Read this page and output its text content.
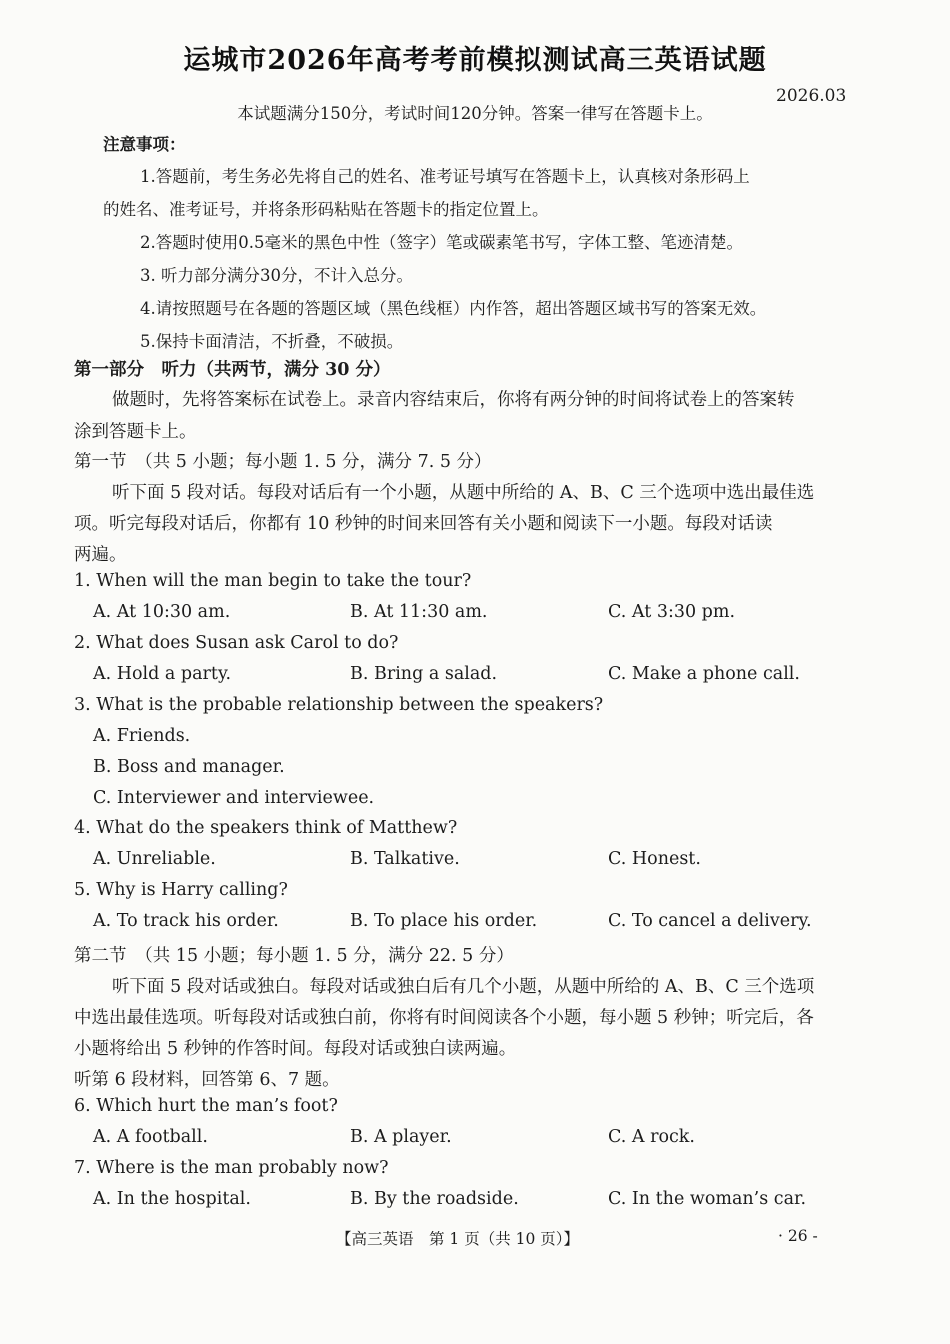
运城市2026年高考考前模拟测试高三英语试题
2026.03
本试题满分150分，考试时间120分钟。答案一律写在答题卡上。
注意事项：
1.答题前，考生务必先将自己的姓名、准考证号填写在答题卡上，认真核对条形码上
的姓名、准考证号，并将条形码粘贴在答题卡的指定位置上。
2.答题时使用0.5毫米的黑色中性（签字）笔或碳素笔书写，字体工整、笔迹清楚。
3. 听力部分满分30分，不计入总分。
4.请按照题号在各题的答题区域（黑色线框）内作答，超出答题区域书写的答案无效。
5.保持卡面清洁，不折叠，不破损。
第一部分　听力（共两节，满分 30 分）
做题时，先将答案标在试卷上。录音内容结束后，你将有两分钟的时间将试卷上的答案转
涂到答题卡上。
第一节　（共 5 小题；每小题 1. 5 分，满分 7. 5 分）
听下面 5 段对话。每段对话后有一个小题，从题中所给的 A、B、C 三个选项中选出最佳选
项。听完每段对话后，你都有 10 秒钟的时间来回答有关小题和阅读下一小题。每段对话读
两遍。
1. When will the man begin to take the tour?
A. At 10:30 am.	B. At 11:30 am.	C. At 3:30 pm.
2. What does Susan ask Carol to do?
A. Hold a party.	B. Bring a salad.	C. Make a phone call.
3. What is the probable relationship between the speakers?
A. Friends.
B. Boss and manager.
C. Interviewer and interviewee.
4. What do the speakers think of Matthew?
A. Unreliable.	B. Talkative.	C. Honest.
5. Why is Harry calling?
A. To track his order.	B. To place his order.	C. To cancel a delivery.
第二节　（共 15 小题；每小题 1. 5 分，满分 22. 5 分）
听下面 5 段对话或独白。每段对话或独白后有几个小题，从题中所给的 A、B、C 三个选项
中选出最佳选项。听每段对话或独白前，你将有时间阅读各个小题，每小题 5 秒钟；听完后，各
小题将给出 5 秒钟的作答时间。每段对话或独白读两遍。
听第 6 段材料，回答第 6、7 题。
6. Which hurt the man’s foot?
A. A football.	B. A player.	C. A rock.
7. Where is the man probably now?
A. In the hospital.	B. By the roadside.	C. In the woman’s car.
【高三英语　第 1 页（共 10 页）】	· 26 -
